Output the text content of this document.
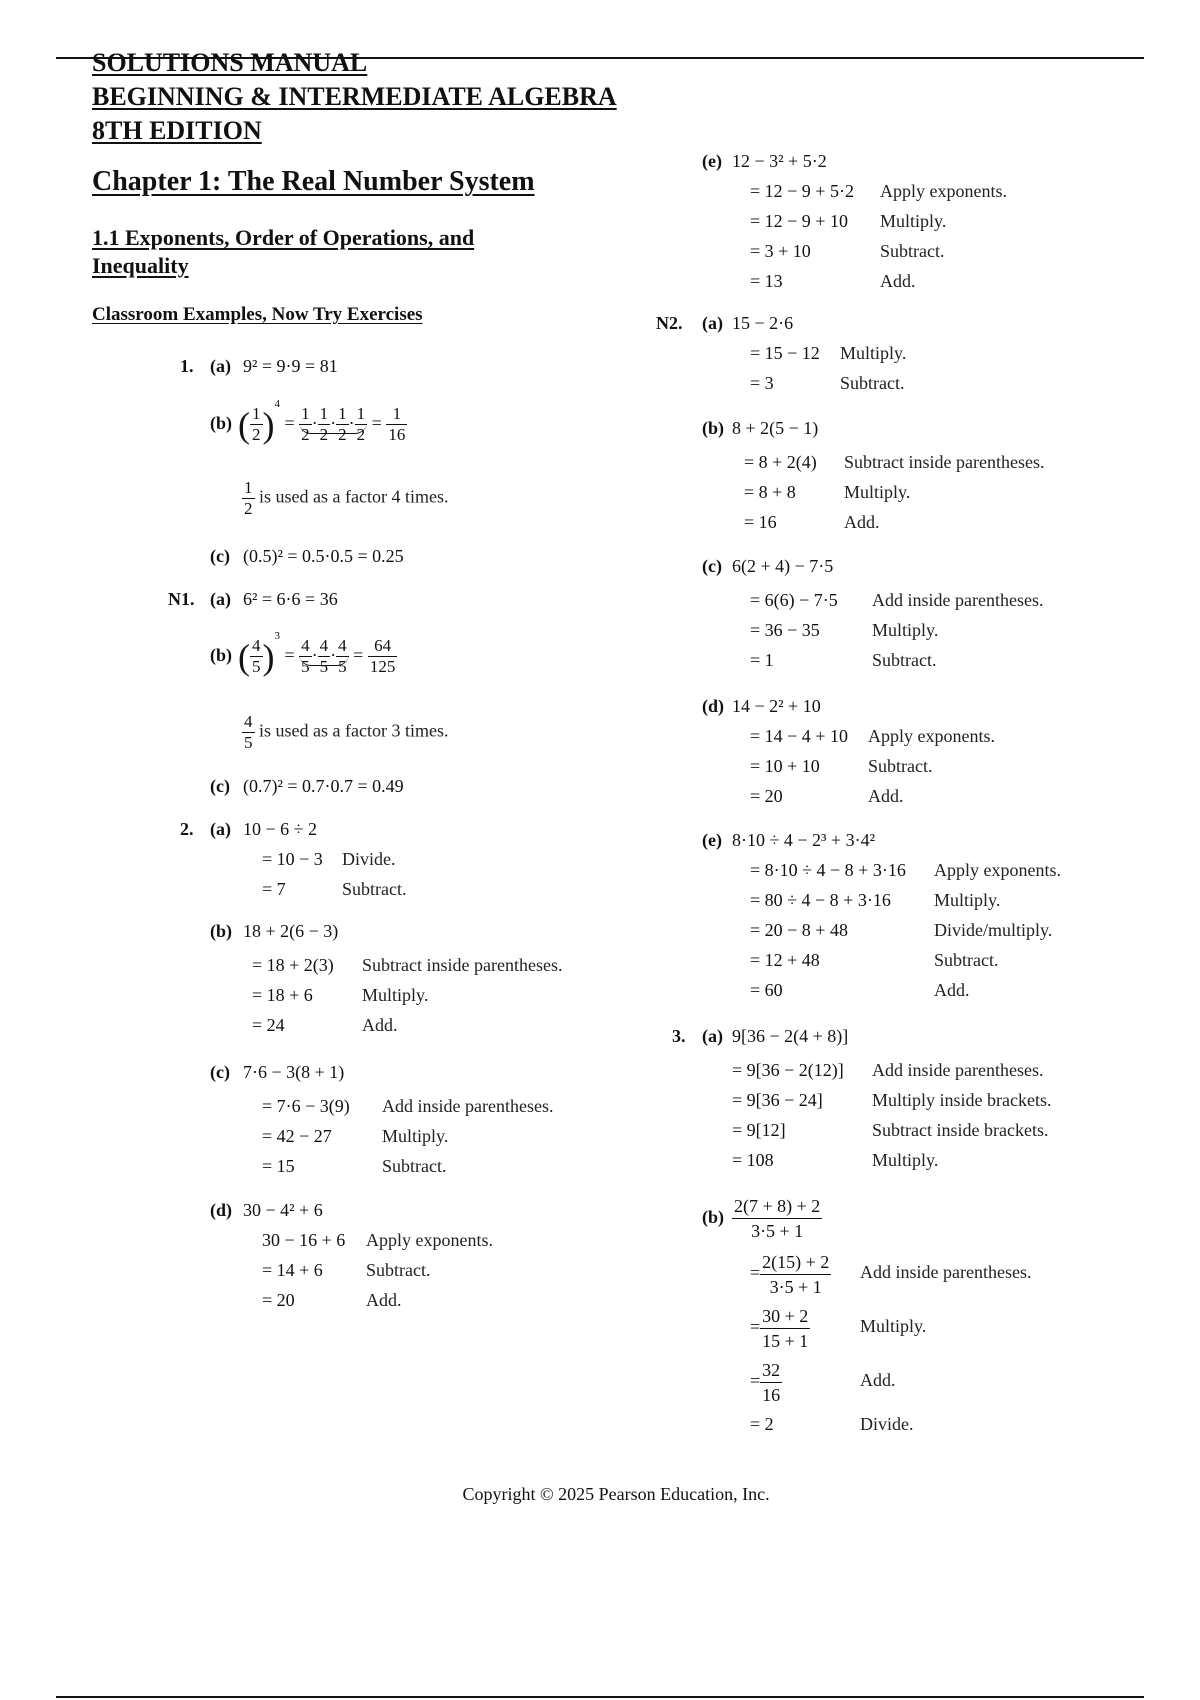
SOLUTIONS MANUAL
BEGINNING & INTERMEDIATE ALGEBRA
8TH EDITION
Chapter 1: The Real Number System
1.1 Exponents, Order of Operations, and
Inequality
Classroom Examples, Now Try Exercises
1. (a) 9² = 9·9 = 81
(b) ( $\frac{1}{2} )^4 = \frac{1}{2} \cdot \frac{1}{2} \cdot \frac{1}{2} \cdot \frac{1}{2} = \frac{1}{16}$
$\frac{1}{2}$ is used as a factor 4 times.
(c) (0.5)² = 0.5·0.5 = 0.25
N1. (a) 6² = 6·6 = 36
(b) ( $\frac{4}{5} )^3 = \frac{4}{5} \cdot \frac{4}{5} \cdot \frac{4}{5} = \frac{64}{125}$
$\frac{4}{5}$ is used as a factor 3 times.
(c) (0.7)² = 0.7·0.7 = 0.49
2. (a) 10 − 6 ÷ 2
= 10 − 3 Divide.
= 7	Subtract.
(b) 18 + 2(6 − 3)
= 18 + 2(3) Subtract inside parentheses.
= 18 + 6	Multiply.
= 24	Add.
(c) 7·6 − 3(8 + 1)
= 7·6 − 3(9) Add inside parentheses.
= 42 − 27	Multiply.
= 15	Subtract.
(d) 30 − 4² + 6
30 − 16 + 6 Apply exponents.
= 14 + 6 Subtract.
= 20	Add.
(e) 12 − 3² + 5·2
= 12 − 9 + 5·2 Apply exponents.
= 12 − 9 + 10 Multiply.
= 3 + 10	Subtract.
= 13	Add.
N2. (a) 15 − 2·6
= 15 − 12 Multiply.
= 3	Subtract.
(b) 8 + 2(5 − 1)
= 8 + 2(4) Subtract inside parentheses.
= 8 + 8	Multiply.
= 16	Add.
(c) 6(2 + 4) − 7·5
= 6(6) − 7·5 Add inside parentheses.
= 36 − 35	Multiply.
= 1	Subtract.
(d) 14 − 2² + 10
= 14 − 4 + 10 Apply exponents.
= 10 + 10	Subtract.
= 20	Add.
(e) 8·10 ÷ 4 − 2³ + 3·4²
= 8·10 ÷ 4 − 8 + 3·16 Apply exponents.
= 80 ÷ 4 − 8 + 3·16 Multiply.
= 20 − 8 + 48	Divide/multiply.
= 12 + 48	Subtract.
= 60	Add.
3. (a) 9[36 − 2(4 + 8)]
= 9[36 − 2(12)] Add inside parentheses.
= 9[36 − 24]	Multiply inside brackets.
= 9[12]	Subtract inside brackets.
= 108	Multiply.
$(b) \frac{2(7 + 8) + 2}{3\cdot 5 + 1}$
= $\frac{2(15) + 2}{3\cdot 5 + 1}$ Add inside parentheses.
= $\frac{30 + 2}{15 + 1}$	Multiply.
= $\frac{32}{16}$	Add.
= 2	Divide.
Copyright © 2025 Pearson Education, Inc.
